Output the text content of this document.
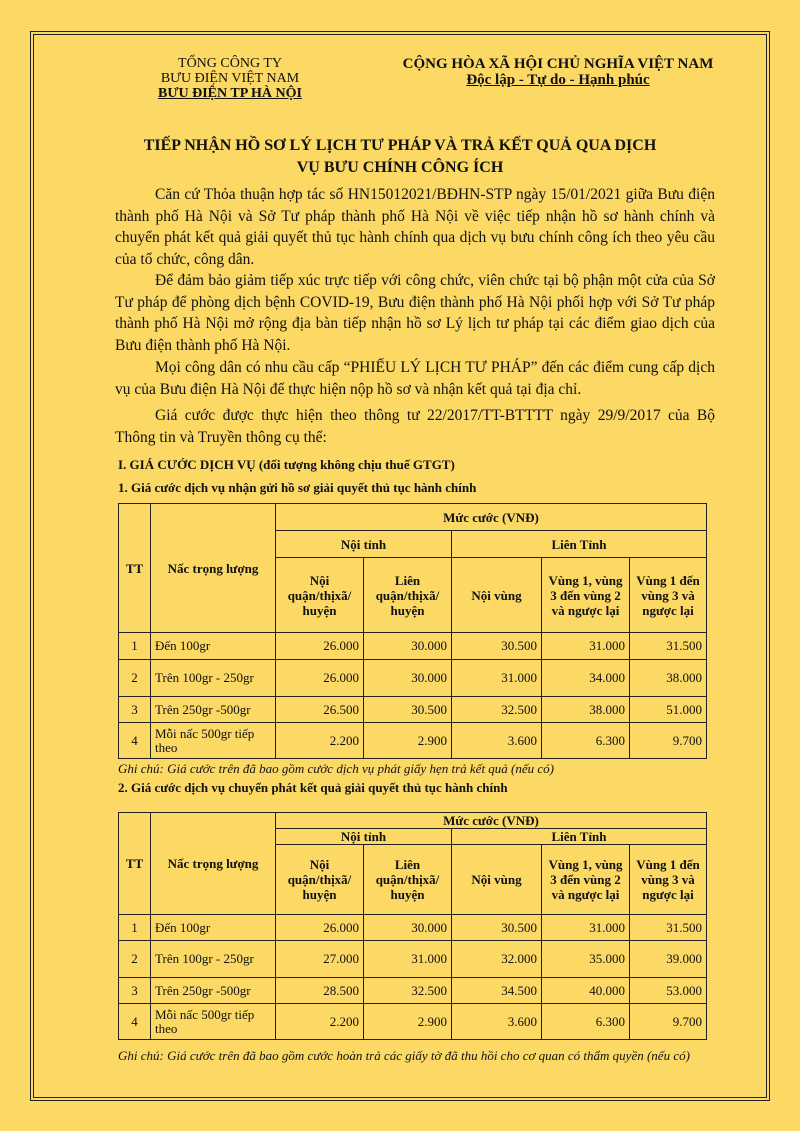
TỔNG CÔNG TY
BƯU ĐIỆN VIỆT NAM
BƯU ĐIỆN TP HÀ NỘI
CỘNG HÒA XÃ HỘI CHỦ NGHĨA VIỆT NAM
Độc lập - Tự do - Hạnh phúc
TIẾP NHẬN HỒ SƠ LÝ LỊCH TƯ PHÁP VÀ TRẢ KẾT QUẢ QUA DỊCH
VỤ BƯU CHÍNH CÔNG ÍCH
Căn cứ Thỏa thuận hợp tác số HN15012021/BĐHN-STP ngày 15/01/2021 giữa Bưu điện thành phố Hà Nội và Sở Tư pháp thành phố Hà Nội về việc tiếp nhận hồ sơ hành chính và chuyển phát kết quả giải quyết thủ tục hành chính qua dịch vụ bưu chính công ích theo yêu cầu của tổ chức, công dân.
Để đảm bảo giảm tiếp xúc trực tiếp với công chức, viên chức tại bộ phận một cửa của Sở Tư pháp để phòng dịch bệnh COVID-19, Bưu điện thành phố Hà Nội phối hợp với Sở Tư pháp thành phố Hà Nội mở rộng địa bàn tiếp nhận hồ sơ Lý lịch tư pháp tại các điểm giao dịch của Bưu điện thành phố Hà Nội.
Mọi công dân có nhu cầu cấp “PHIẾU LÝ LỊCH TƯ PHÁP” đến các điểm cung cấp dịch vụ của Bưu điện Hà Nội để thực hiện nộp hồ sơ và nhận kết quả tại địa chỉ.
Giá cước được thực hiện theo thông tư 22/2017/TT-BTTTT ngày 29/9/2017 của Bộ Thông tin và Truyền thông cụ thể:
I. GIÁ CƯỚC DỊCH VỤ (đối tượng không chịu thuế GTGT)
1. Giá cước dịch vụ nhận gửi hồ sơ giải quyết thủ tục hành chính
TT	Nấc trọng lượng	Mức cước (VNĐ)				
		Nội tỉnh		Liên Tỉnh		
		Nội quận/thịxã/ huyện	Liên quận/thịxã/ huyện	Nội vùng	Vùng 1, vùng 3 đến vùng 2 và ngược lại	Vùng 1 đến vùng 3 và ngược lại
1	Đến 100gr	26.000	30.000	30.500	31.000	31.500
2	Trên 100gr - 250gr	26.000	30.000	31.000	34.000	38.000
3	Trên 250gr -500gr	26.500	30.500	32.500	38.000	51.000
4	Mỗi nấc 500gr tiếp theo	2.200	2.900	3.600	6.300	9.700
Ghi chú: Giá cước trên đã bao gồm cước dịch vụ phát giấy hẹn trả kết quả (nếu có)
2. Giá cước dịch vụ chuyển phát kết quả giải quyết thủ tục hành chính
TT	Nấc trọng lượng	Mức cước (VNĐ)				
		Nội tỉnh		Liên Tỉnh		
		Nội quận/thịxã/ huyện	Liên quận/thịxã/ huyện	Nội vùng	Vùng 1, vùng 3 đến vùng 2 và ngược lại	Vùng 1 đến vùng 3 và ngược lại
1	Đến 100gr	26.000	30.000	30.500	31.000	31.500
2	Trên 100gr - 250gr	27.000	31.000	32.000	35.000	39.000
3	Trên 250gr -500gr	28.500	32.500	34.500	40.000	53.000
4	Mỗi nấc 500gr tiếp theo	2.200	2.900	3.600	6.300	9.700
Ghi chú: Giá cước trên đã bao gồm cước hoàn trả các giấy tờ đã thu hồi cho cơ quan có thẩm quyền (nếu có)
